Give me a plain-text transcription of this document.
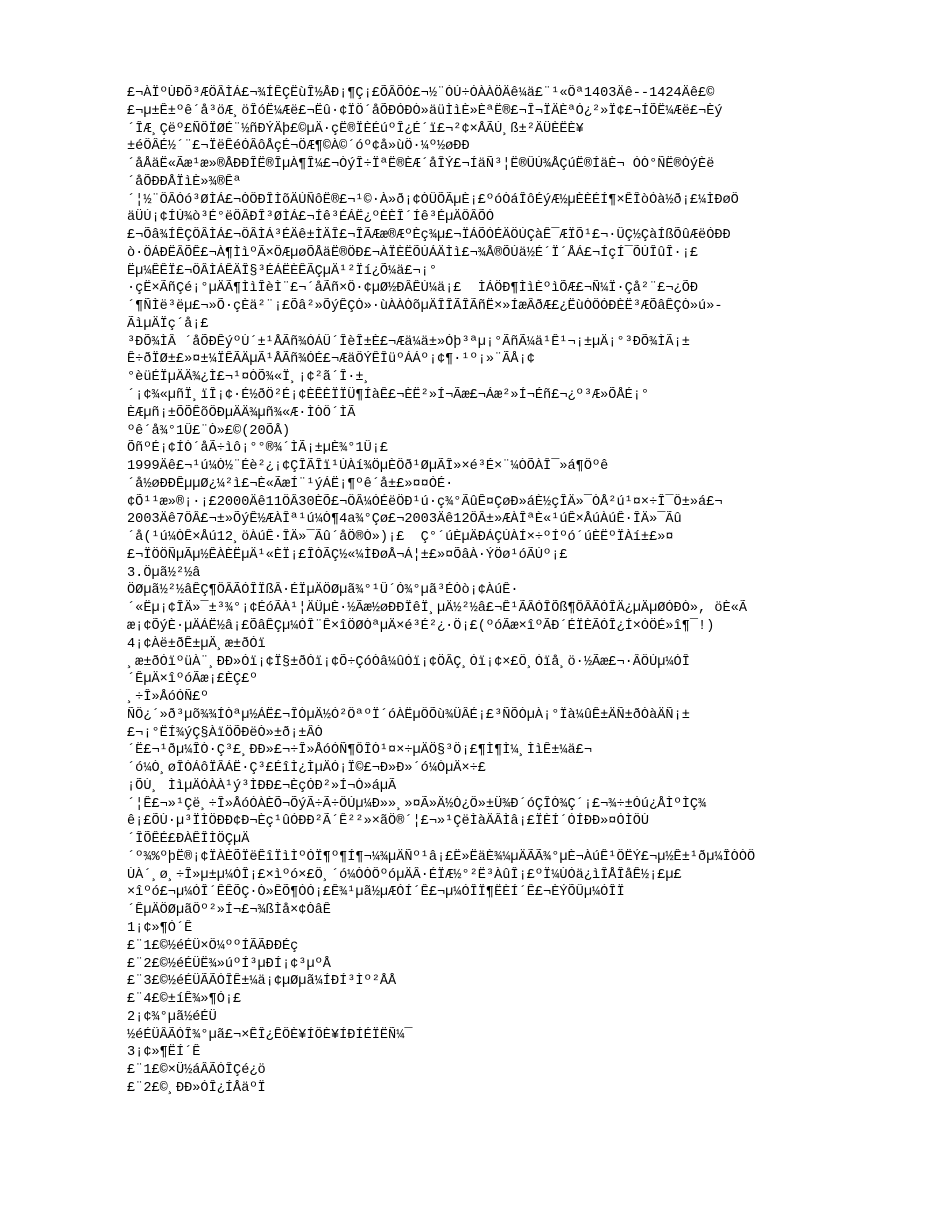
£¬ÀÏºÙÐÕ³ÆÖÂÌÁ£¬¾ÍÊÇËùÎ½ÅÐ¡¶Ç¡£ÕÂÕÓ£¬½¨ÓÚ÷ÓÀÀÖÄê¼ä£¨¹«Ôª1403Äê--1424Äê£©
£¬µ±Ê±ºê´å³öÆ¸öÎóË¼Æë£¬Ëû·¢ÏÖ´åÕÐÓÐÒ»äüÌìÈ»ÈªË®£¬Î¬ÏÄÈªÓ¿²»Ï¢£¬ÍÕË¼Æë£¬Èý
´ÎÆ¸Çëº£ÑÔÏØÉ¨½ñÐÝÄþ£©µÄ·çË®ÏÈÉúºÎ¿É´ï£¬²¢×ÅÃÚ¸ß±²ÄÜÈËÈ¥
±éÔÂÉ½´¨£¬ÏëÊéÓÂôÅçÉ¬ÖÆ¶©À©´óº¢å»ùÖ·¼º½øÐÐ
´åÅäË«Ãæ¹æ»®ÅÐÐÎË®ÎµÀ¶Î¼£¬ÒýÎ÷ÏªË®ÈÆ´åÎÝ£¬ÍäÑ³¦Ë®ÛÚ¾ÅÇúË®ÍäÈ¬ ÓÒ°ÑË®ÒýÈë
´åÕÐÐÅÏìÈ»¾®Êª
´¦½¨ÔÂÓó³ØÌÁ£¬ÒÔÐÎÌõÄÚÑôË®£¬¹©·À»ð¡¢ÒÛÕÃµÈ¡£ºóÒáÎôÉýÆ½µÈÈÉÍ¶×ÊÎòÓà½ð¡£¼ÌÐøÔ
äÜÚ¡¢ÍÚ¾ò³É°ëÔÂÐÎ³ØÌÁ£¬Íê³ÉÁË¿ºÈÈÎ´Íê³ÉµÄÔÂÕÓ
£¬Õâ¾ÍÊÇÔÂÌÁ£¬ÔÂÌÁ³ÉÄê±ÌÄÎ£¬ÎÃÆæ®ÆºÈç¾µ£¬ÏÁÕÓÉÄÖÚÇàÊ¯ÆÏÕ¹£¬·ÛÇ½ÇàÍßÕûÆëÓÐÐ
ò·ÖÁÐËÂÕÊ£¬À¶ÌìºÃ×ÔÆµøÕÅäË®ÖÐ£¬ÀÏÈËÕÚÁÄÌì£¬¾Å®ÕÚä½É´Ï´ÅÁ£¬ÍçÍ¯ÕÚÎûÎ·¡£
Ëµ¼ÊÊÏ£¬ÔÂÌÁÊÄÎ§³ÉÁËÈÊÃÇµÄ¹²Ïí¿Õ¼ä£¬¡°
·çË×ÃñÇé¡°µÄÃ¶ÌìÎèÌ¨£¬´åÃñ×Ô·¢µØ½ÐÂÊÚ¼ä¡£  ÌÁÖÐ¶ÌìÈºìÕÆ£¬Ñ¼Ï·Çå²¨£¬¿ÕÐ
´¶ÑÌë³ëµ£¬»Õ·çÈä²¨¡£Õâ²»ÕýÊÇÒ»·ùÀÀÒõµÄÎÎÃÎÃñË×»ÍæÂðÆ£¿ËùÒÔÓÐÈË³ÆÕâÊÇÒ»ú»-
ÃìµÄÏç´å¡£
³ÐÕ¾ÌÂ ´åÕÐÊýºÙ´±¹ÅÃñ¾ÓÁÛ´ÎèÎ±È£¬Æä¼ä±»Óþ³ªµ¡°ÃñÃ¼ä¹Ê¹¬¡±µÄ¡°³ÐÕ¾ÌÃ¡±
Ê÷ðÏØ±£»¤±¼ÏÊÃÄµÃ¹ÅÃñ¾ÓÉ£¬ÆäÔÝÊÎüºÁÁº¡¢¶·¹º¡»¨ÃÅ¡¢
°èüÉÏµÄÄ¾¿Ì£¬¹¤ÒÕ¾«Ï¸¡¢²ã´Î·±¸
´¡¢¾«µñÏ¸ïÎ¡¢·É½ðÖ²É¡¢ÈÊÈÏÏÜ¶ÍàÊ£¬ÈË²»Í¬Ãæ£¬Áæ²»Í¬Éñ£¬¿º³Æ»ÕÅÉ¡°
ÈÆµñ¡±ÕÕÊõÔÐµÄÄ¾µñ¾«Æ·ÌÒÔ´ÌÃ
ºê´å¾°1Û£¨Ò»£©(20ÕÅ)
ÕñºÉ¡¢ÍÒ´åÃ÷ìô¡°°®¾´ÌÃ¡±µÈ¾°1Û¡£
1999Äê£¬¹ú¼Ò½¨Éè²¿¡¢ÇÎÃÎï¹ÚÀí¾ÖµÈÔð¹ØµÃÎ»×é³É×¨¼ÒÕÀÎ¯»á¶Ôºê
´å½øÐÐÊµµØ¿¼²ì£¬È«ÃæÍ¨¹ýÁË¡¶ºê´å±£»¤¤ÓÉ·
¢Õ¹¹æ»®¡·¡£2000Äê11ÔÂ30ÈÕ£¬ÔÂ¼ÓÉëÖÐ¹ú·ç¾°ÃûÊ¤ÇøÐ»áÈ½çÎÄ»¯ÒÅ²ú¹¤×÷Î¯Ô±»á£¬
2003Äê7ÔÂ£¬±»ÕýÊ½ÆÀÎª¹ú¼Ò¶4a¾°Çø£¬2003Äê12ÔÂ±»ÆÀÎªÈ«¹úÊ×ÅúÀúÊ·ÎÄ»¯Ãû
´å(¹ú¼ÒÊ×Åú12¸öÀúÊ·ÎÄ»¯Ãû´åÖ®Ò»)¡£  Ç°´úÈµÄÐÁÇÚÀÍ×÷ºÍºó´úÈËºÏÀí±£»¤
£¬ÏÖÖÑµÃµ½ÊÀÈËµÄ¹«ÈÏ¡£ÎÒÃÇ½«¼ÌÐøÅ¬Á¦±£»¤ÕâÀ·ÝÖø¹óÃÚº¡£
3.Öµã½²½â
ÖØµã½²½âÊÇ¶ÔÂÃÓÎÏßÂ·ÉÏµÄÖØµã¾°¹Û´Ó¾°µã³ÉÒò¡¢ÀúÊ·
´«Ëµ¡¢ÎÄ»¯±³¾°¡¢ÉóÃÀ¹¦ÄÜµÈ·½Ãæ½øÐÐÏêÏ¸µÄ½²½â£¬Ê¹ÃÂÓÎÕß¶ÔÂÃÓÎÄ¿µÄµØÓÐÒ», öÈ«Ã
æ¡¢ÕýÈ·µÄÁË½â¡£ÕâÊÇµ¼ÓÎ¨Ê×îÖØÒªµÄ×é³É²¿·Ö¡£(ºóÃæ×îºÃÐ´ÉÏÈÃÓÎ¿Í×ÓÖÉ»î¶¯!)
4¡¢Àë±ðÊ±µÄ¸æ±ðÓï
¸æ±ðÓïºüÀ¨¸ÐÐ»Óï¡¢Ï§±ðÓï¡¢Õ÷ÇóÒâ¼ûÓï¡¢ÖÂÇ¸Óï¡¢×£Ô¸Óïå¸ö·½Ãæ£¬·ÂÔÚµ¼ÓÎ
´ÊµÄ×îºóÃæ¡£ÈÇ£º
¸÷Î»ÅóÓÑ£º
ÑÔ¿´»ð³µõ¾¾ÍÒªµ½ÁË£¬ÎÒµÄ½Ó²ÔªºÏ´óÀËµÔÕù¾ÜÂÉ¡£³ÑÕÒµÀ¡°Ïà¼ûÊ±ÄÑ±ðÒàÄÑ¡±
£¬¡°ËÍ¾ýÇ§ÀïÖÕÐëÒ»±ð¡±ÂÒ
´Ë£¬¹ðµ¼ÎÒ·Ç³£¸ÐÐ»£¬÷Î»ÅóÓÑ¶ÔÎÒ¹¤×÷µÄÖ§³Ö¡£¶Ì¶Ì¼¸ÌìÊ±¼ä£¬
´ó¼Ò¸øÎÒÁôÏÂÁË·Ç³£ÉîÌ¿ÌµÄÓ¡Ï©£¬Ð»Ð»´ó¼ÒµÄ×÷£
¡ÕÙ¸ ÌìµÄÓÀÀ¹ý³ÌÐÐ£¬ÈçÓÐ²»Í¬Ò»áµÃ
´¦Ê£¬»¹Çë¸÷Î»ÅóÓÀÈÕ¬ÕýÃ÷Ã÷ÔÚµ¼Ð»»¸»¤Ã»Ä½Ò¿Ô»±Ü¾Ð´óÇÎÒ¾Ç´¡£¬¾÷±Óú¿ÅÌºÌÇ¾
ê¡£ÕÙ·µ³ÏÌÖÐÐ¢Ð¬Èç¹ûÓÐÐ²Ã´Ê²²»×ãÖ®´¦£¬»¹ÇëÌàÄÂÌâ¡£ÏÈÍ´ÓÍÐÐ»¤ÓÌÔÙ
´ÎÕÊÉ£ÐÀÊÎÌÖÇµÄ
´º¾%ºþË®¡¢ÏÀÈÕÏëÊîÏìÌºÓÏ¶º¶Í¶¬¼¾µÄÑº¹â¡£Ë»ËäÈ¾¼µÄÃÃ¾°µÈ¬ÀúÊ¹ÔËÝ£¬µ½Ê±¹ðµ¼ÎÒÒÔ
ÙÀ´¸ø¸÷Î»µ±µ¼ÓÎ¡£×ìºó×£Ô¸´ó¼ÒÒÔºóµÄÂ·ÉÏÆ½°²Ë³ÀûÎ¡£ºÏ¼ÙÓä¿ìÎÅÎåÊ½¡£µ£
×îºó£¬µ¼ÓÎ´ÊÊÕÇ·Ò»ÊÕ¶ÓÓ¡£Ê¾¹µã½µÆÓÍ´Ê£¬µ¼ÓÎÏ¶ËÈÍ´Ê£¬ÈÝÕÛµ¼ÓÎÏ
´ÊµÄÖØµãÔº²»Í¬£¬¾ßÌå×¢ÒâÊ
1¡¢»¶Ó´Ê
£¨1£©½éÉÜ×Ô¼ººÍÃÃÐÐÉç
£¨2£©½éÉÜË¾»úºÍ³µÐÍ¡¢³µºÅ
£¨3£©½éÉÜÃÃÓÎÊ±¼ä¡¢µØµã¼ÍÐÍ³Ìº²ÅÅ
£¨4£©±íÊ¾»¶Ó¡£
2¡¢¾°µã½éÉÜ
½éÉÜÂÃÓÎ¾°µã£¬×ÊÎ¿ÊÔÈ¥ÍÔÈ¥ÍÐÍÉÏËÑ¼¯
3¡¢»¶ËÍ´Ê
£¨1£©×Ü½áÂÃÓÎÇé¿ö
£¨2£©¸ÐÐ»ÓÎ¿ÍÅäºÏ
